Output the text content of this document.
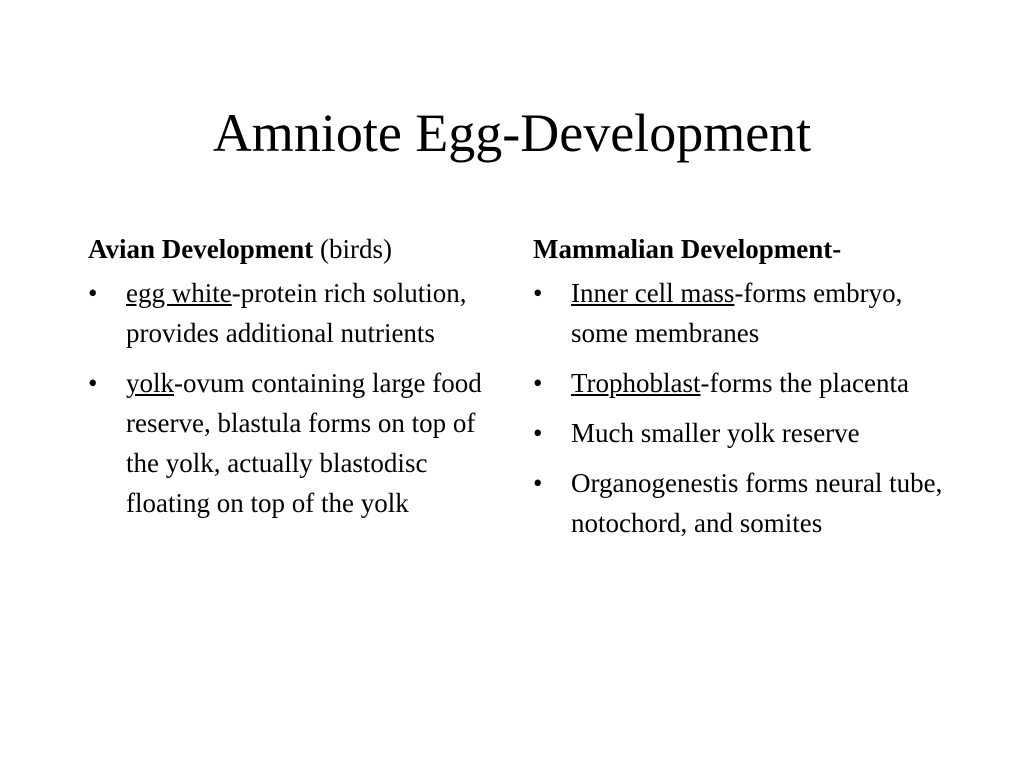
Amniote Egg-Development

Avian Development (birds)

•	egg white-protein rich solution, provides additional nutrients
•	yolk-ovum containing large food reserve, blastula forms on top of the yolk, actually blastodisc floating on top of the yolk

Mammalian Development-

•	Inner cell mass-forms embryo, some membranes
•	Trophoblast-forms the placenta
•	Much smaller yolk reserve
•	Organogenestis forms neural tube, notochord, and somites
